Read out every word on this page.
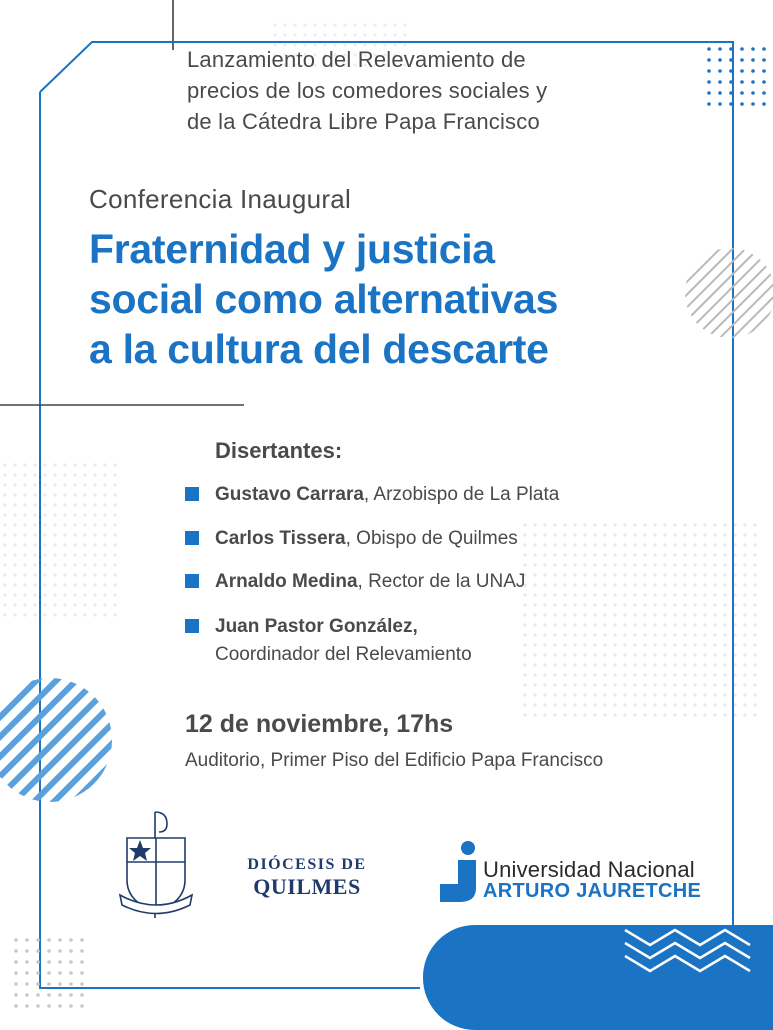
Lanzamiento del Relevamiento de
precios de los comedores sociales y
de la Cátedra Libre Papa Francisco
Conferencia Inaugural
Fraternidad y justicia
social como alternativas
a la cultura del descarte
Disertantes:
Gustavo Carrara, Arzobispo de La Plata
Carlos Tissera, Obispo de Quilmes
Arnaldo Medina, Rector de la UNAJ
Juan Pastor González,
Coordinador del Relevamiento
12 de noviembre, 17hs
Auditorio, Primer Piso del Edificio Papa Francisco
DIÓCESIS DE
QUILMES
Universidad Nacional
ARTURO JAURETCHE
